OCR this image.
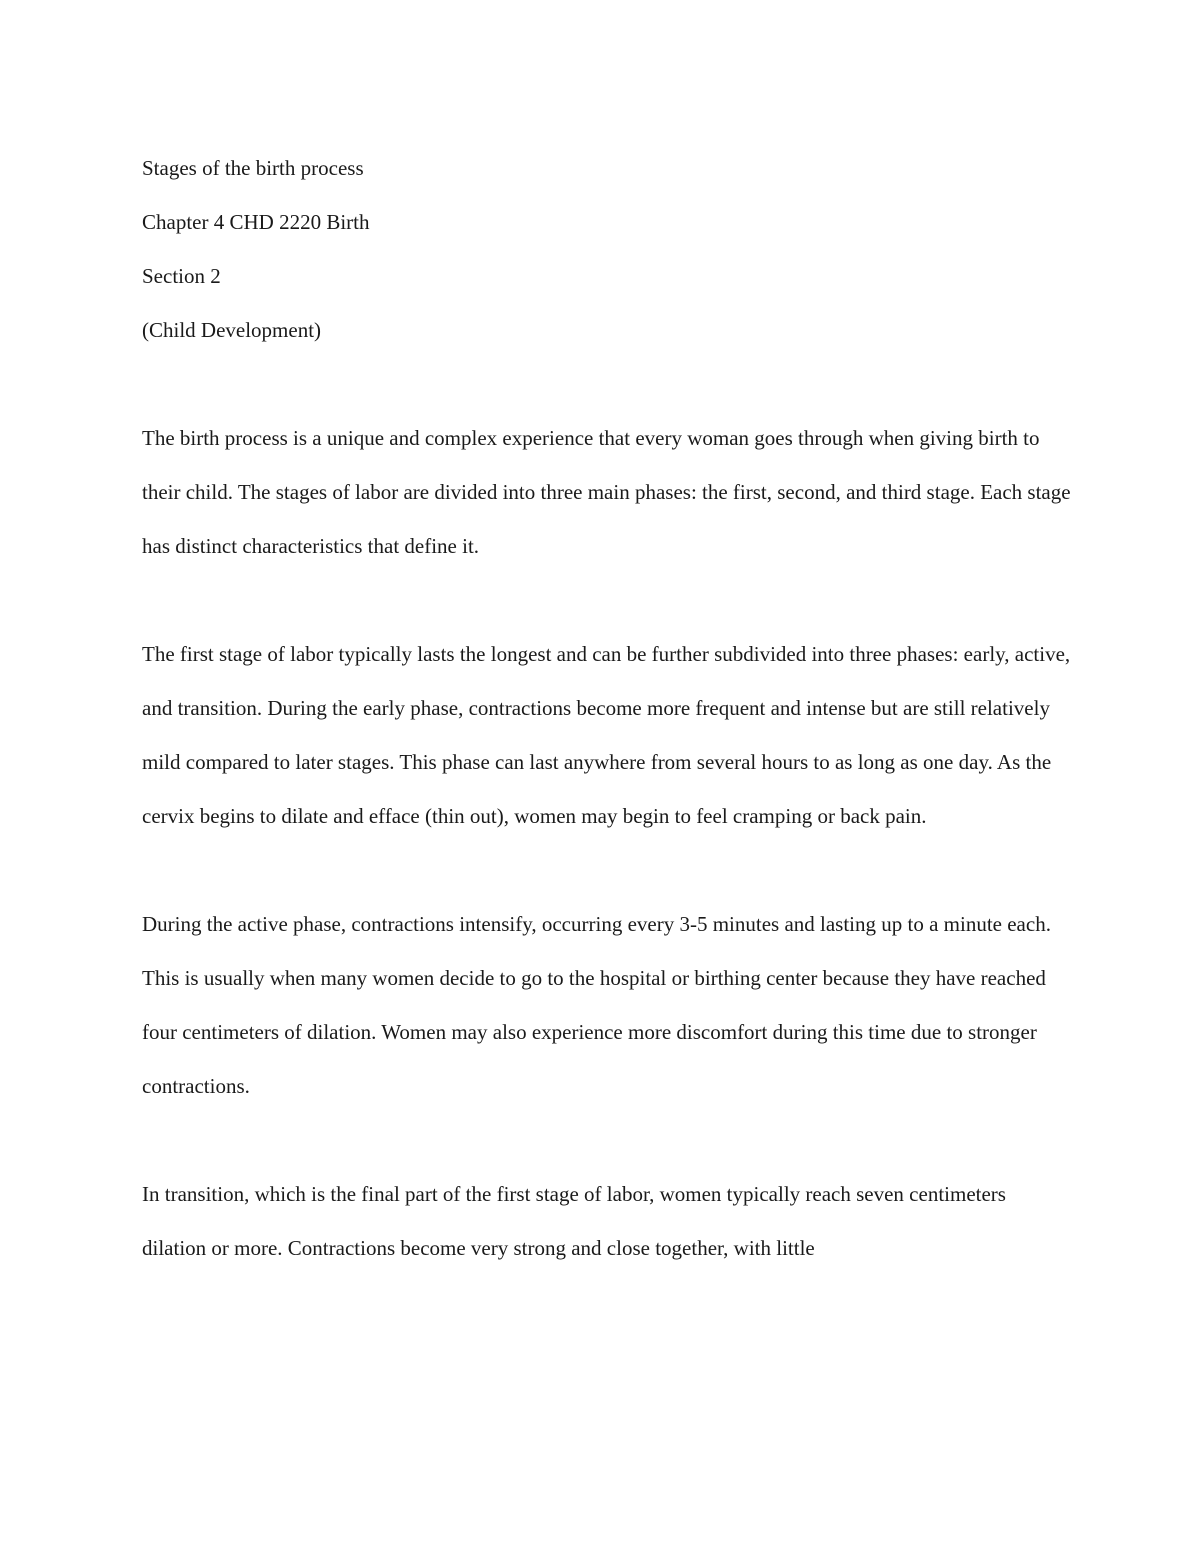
Stages of the birth process

Chapter 4 CHD 2220 Birth

Section 2

(Child Development)

The birth process is a unique and complex experience that every woman goes through when giving birth to their child. The stages of labor are divided into three main phases: the first, second, and third stage. Each stage has distinct characteristics that define it.

The first stage of labor typically lasts the longest and can be further subdivided into three phases: early, active, and transition. During the early phase, contractions become more frequent and intense but are still relatively mild compared to later stages. This phase can last anywhere from several hours to as long as one day. As the cervix begins to dilate and efface (thin out), women may begin to feel cramping or back pain.

During the active phase, contractions intensify, occurring every 3-5 minutes and lasting up to a minute each. This is usually when many women decide to go to the hospital or birthing center because they have reached four centimeters of dilation. Women may also experience more discomfort during this time due to stronger contractions.

In transition, which is the final part of the first stage of labor, women typically reach seven centimeters dilation or more. Contractions become very strong and close together, with little
